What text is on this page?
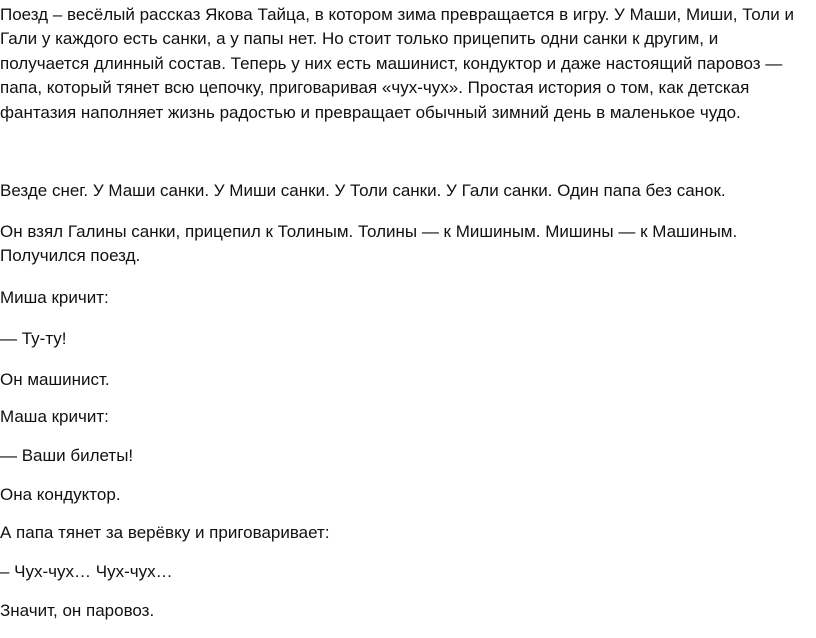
Поезд – весёлый рассказ Якова Тайца, в котором зима превращается в игру. У Маши, Миши, Толи и Гали у каждого есть санки, а у папы нет. Но стоит только прицепить одни санки к другим, и получается длинный состав. Теперь у них есть машинист, кондуктор и даже настоящий паровоз — папа, который тянет всю цепочку, приговаривая «чух-чух». Простая история о том, как детская фантазия наполняет жизнь радостью и превращает обычный зимний день в маленькое чудо.

Везде снег. У Маши санки. У Миши санки. У Толи санки. У Гали санки. Один папа без санок.

Он взял Галины санки, прицепил к Толиным. Толины — к Мишиным. Мишины — к Машиным. Получился поезд.

Миша кричит:

— Ту-ту!

Он машинист.

Маша кричит:

— Ваши билеты!

Она кондуктор.

А папа тянет за верёвку и приговаривает:

– Чух-чух… Чух-чух…

Значит, он паровоз.
